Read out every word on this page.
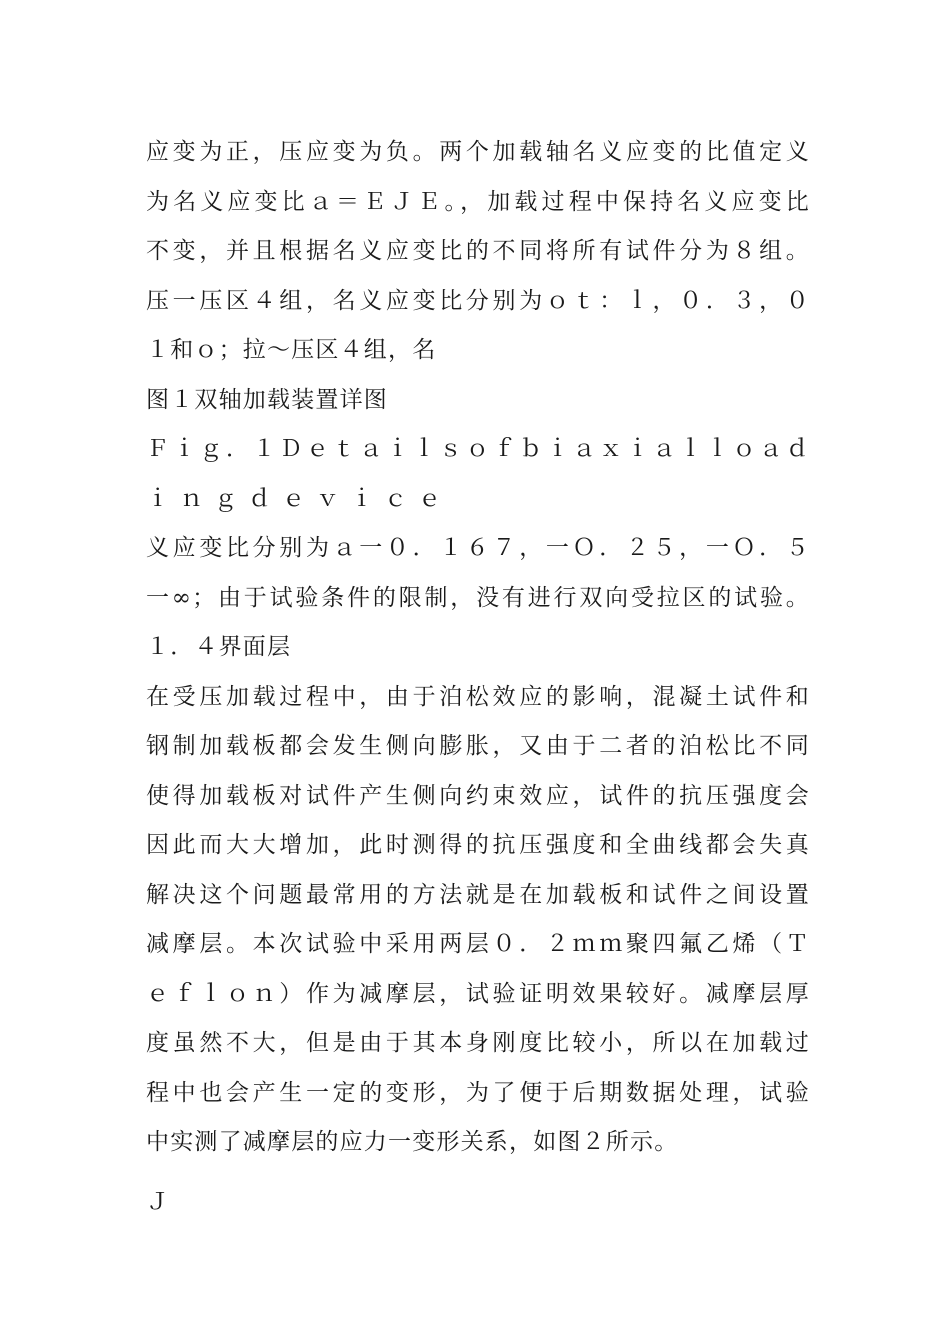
应变为正，压应变为负。两个加载轴名义应变的比值定义
为名义应变比ａ＝ＥＪＥ。，加载过程中保持名义应变比
不变，并且根据名义应变比的不同将所有试件分为８组。
压一压区４组，名义应变比分别为ｏｔ：ｌ，０．３，０
１和ｏ；拉～压区４组，名
图１双轴加载装置详图
Ｆｉｇ．１Ｄｅｔａｉｌｓｏｆｂｉａｘｉａｌｌｏａｄ
ｉｎｇｄｅｖｉｃｅ
义应变比分别为ａ一０．１６７，一Ｏ．２５，一Ｏ．５
一∞；由于试验条件的限制，没有进行双向受拉区的试验。
１．４界面层
在受压加载过程中，由于泊松效应的影响，混凝土试件和
钢制加载板都会发生侧向膨胀，又由于二者的泊松比不同
使得加载板对试件产生侧向约束效应，试件的抗压强度会
因此而大大增加，此时测得的抗压强度和全曲线都会失真
解决这个问题最常用的方法就是在加载板和试件之间设置
减摩层。本次试验中采用两层０．２ｍｍ聚四氟乙烯（Ｔ
ｅｆｌｏｎ）作为减摩层，试验证明效果较好。减摩层厚
度虽然不大，但是由于其本身刚度比较小，所以在加载过
程中也会产生一定的变形，为了便于后期数据处理，试验
中实测了减摩层的应力一变形关系，如图２所示。
Ｊ
